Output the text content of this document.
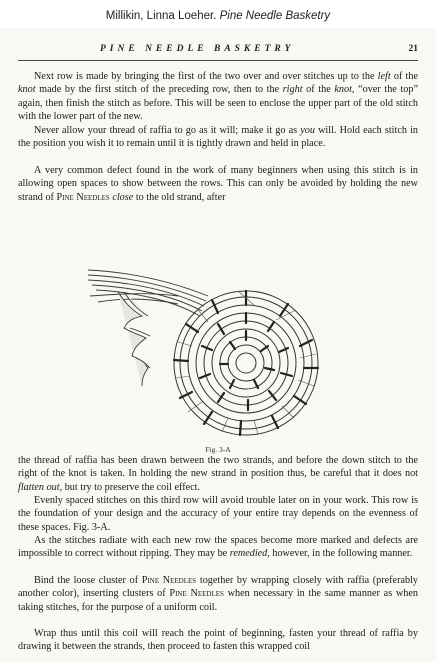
Millikin, Linna Loeher. Pine Needle Basketry
PINE NEEDLE BASKETRY	21

Next row is made by bringing the first of the two over and over stitches up to the left of the knot made by the first stitch of the preceding row, then to the right of the knot, “over the top” again, then finish the stitch as before. This will be seen to enclose the upper part of the old stitch with the lower part of the new.

Never allow your thread of raffia to go as it will; make it go as you will. Hold each stitch in the position you wish it to remain until it is tightly drawn and held in place.

A very common defect found in the work of many beginners when using this stitch is in allowing open spaces to show between the rows. This can only be avoided by holding the new strand of Pine Needles close to the old strand, after

Fig. 3-A

the thread of raffia has been drawn between the two strands, and before the down stitch to the right of the knot is taken. In holding the new strand in position thus, be careful that it does not flatten out, but try to preserve the coil effect.

Evenly spaced stitches on this third row will avoid trouble later on in your work. This row is the foundation of your design and the accuracy of your entire tray depends on the evenness of these spaces. Fig. 3-A.

As the stitches radiate with each new row the spaces become more marked and defects are impossible to correct without ripping. They may be remedied, however, in the following manner.

Bind the loose cluster of Pine Needles together by wrapping closely with raffia (preferably another color), inserting clusters of Pine Needles when necessary in the same manner as when taking stitches, for the purpose of a uniform coil.

Wrap thus until this coil will reach the point of beginning, fasten your thread of raffia by drawing it between the strands, then proceed to fasten this wrapped coil
